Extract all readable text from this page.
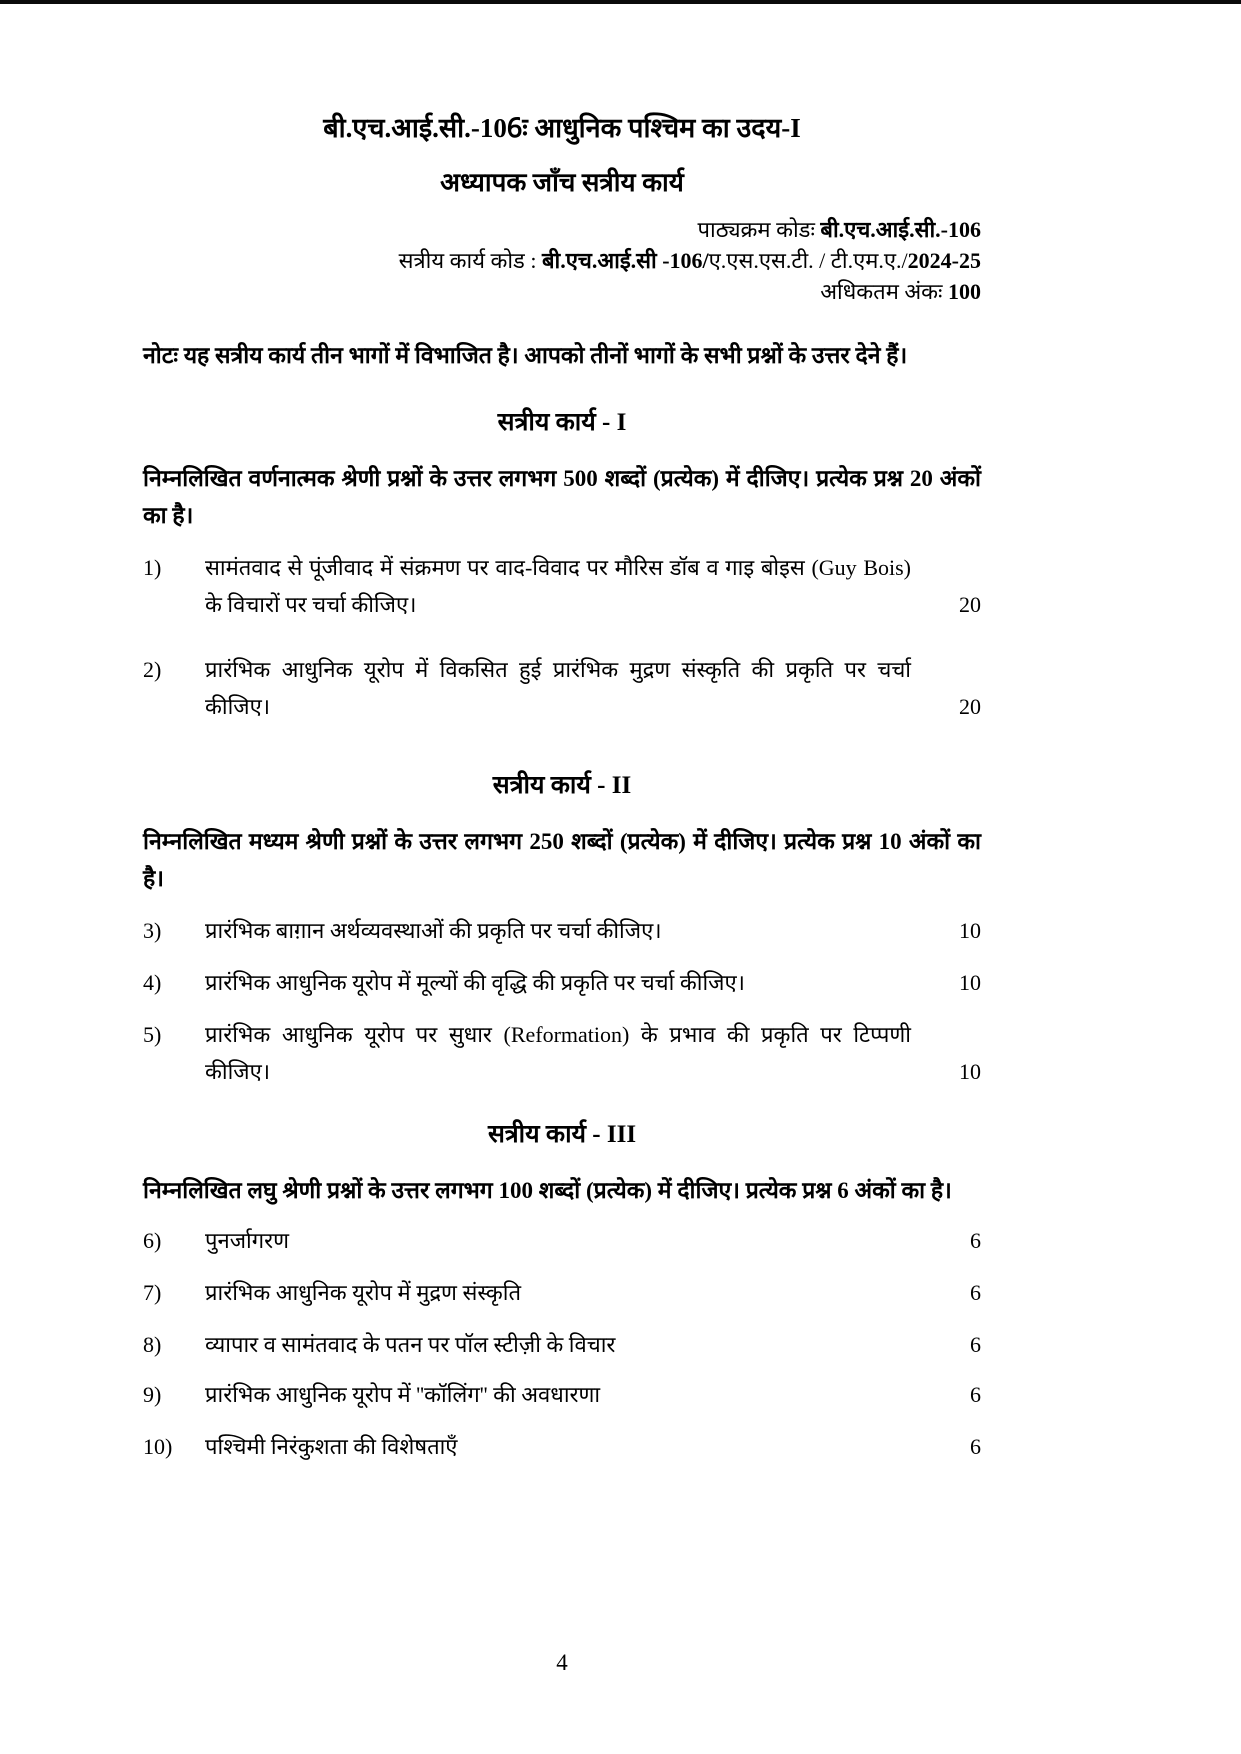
बी.एच.आई.सी.-106ः आधुनिक पश्चिम का उदय-I
अध्यापक जाँच सत्रीय कार्य
पाठ्यक्रम कोडः बी.एच.आई.सी.-106
सत्रीय कार्य कोड : बी.एच.आई.सी -106/ए.एस.एस.टी. / टी.एम.ए./2024-25
अधिकतम अंकः 100
नोटः यह सत्रीय कार्य तीन भागों में विभाजित है। आपको तीनों भागों के सभी प्रश्नों के उत्तर देने हैं।
सत्रीय कार्य - I
निम्नलिखित वर्णनात्मक श्रेणी प्रश्नों के उत्तर लगभग 500 शब्दों (प्रत्येक) में दीजिए। प्रत्येक प्रश्न 20 अंकों का है।
1)	सामंतवाद से पूंजीवाद में संक्रमण पर वाद-विवाद पर मौरिस डॉब व गाइ बोइस (Guy Bois) के विचारों पर चर्चा कीजिए।	20
2)	प्रारंभिक आधुनिक यूरोप में विकसित हुई प्रारंभिक मुद्रण संस्कृति की प्रकृति पर चर्चा कीजिए।	20
सत्रीय कार्य - II
निम्नलिखित मध्यम श्रेणी प्रश्नों के उत्तर लगभग 250 शब्दों (प्रत्येक) में दीजिए। प्रत्येक प्रश्न 10 अंकों का है।
3)	प्रारंभिक बाग़ान अर्थव्यवस्थाओं की प्रकृति पर चर्चा कीजिए।	10
4)	प्रारंभिक आधुनिक यूरोप में मूल्यों की वृद्धि की प्रकृति पर चर्चा कीजिए।	10
5)	प्रारंभिक आधुनिक यूरोप पर सुधार (Reformation) के प्रभाव की प्रकृति पर टिप्पणी कीजिए।	10
सत्रीय कार्य - III
निम्नलिखित लघु श्रेणी प्रश्नों के उत्तर लगभग 100 शब्दों (प्रत्येक) में दीजिए। प्रत्येक प्रश्न 6 अंकों का है।
6)	पुनर्जागरण	6
7)	प्रारंभिक आधुनिक यूरोप में मुद्रण संस्कृति	6
8)	व्यापार व सामंतवाद के पतन पर पॉल स्टीज़ी के विचार	6
9)	प्रारंभिक आधुनिक यूरोप में ''कॉलिंग'' की अवधारणा	6
10)	पश्चिमी निरंकुशता की विशेषताएँ	6
4
